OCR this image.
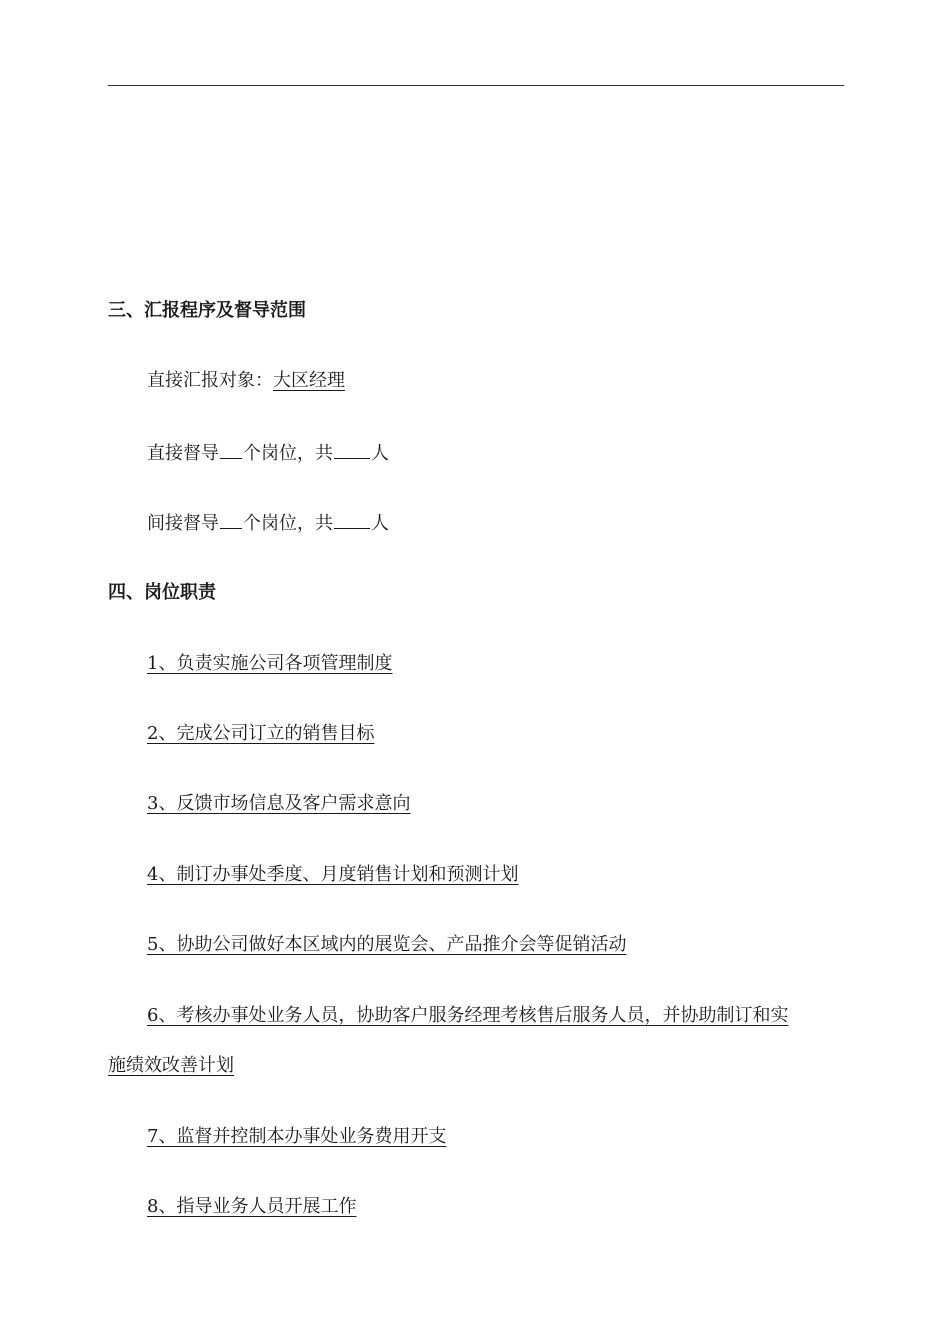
三、汇报程序及督导范围
直接汇报对象：大区经理
直接督导 个岗位，共 人
间接督导 个岗位，共 人
四、岗位职责
1、负责实施公司各项管理制度
2、完成公司订立的销售目标
3、反馈市场信息及客户需求意向
4、制订办事处季度、月度销售计划和预测计划
5、协助公司做好本区域内的展览会、产品推介会等促销活动
6、考核办事处业务人员，协助客户服务经理考核售后服务人员，并协助制订和实
施绩效改善计划
7、监督并控制本办事处业务费用开支
8、指导业务人员开展工作
